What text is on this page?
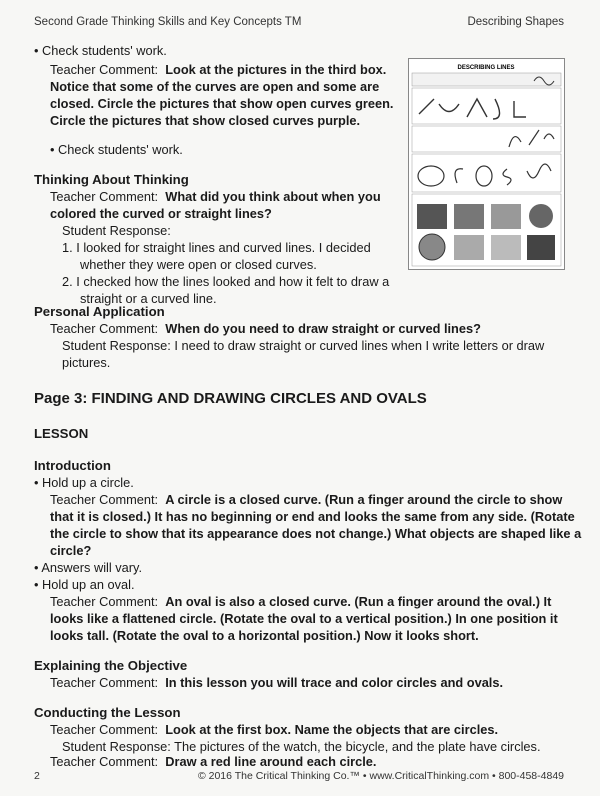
Second Grade Thinking Skills and Key Concepts TM	Describing Shapes
• Check students' work.
Teacher Comment: Look at the pictures in the third box.
Notice that some of the curves are open and some are
closed. Circle the pictures that show open curves green.
Circle the pictures that show closed curves purple.
• Check students' work.
Thinking About Thinking
Teacher Comment: What did you think about when you
colored the curved or straight lines?
Student Response:
1. I looked for straight lines and curved lines. I decided
whether they were open or closed curves.
2. I checked how the lines looked and how it felt to draw a
straight or a curved line.
Personal Application
Teacher Comment: When do you need to draw straight or curved lines?
Student Response: I need to draw straight or curved lines when I write letters or draw
pictures.
Page 3: FINDING AND DRAWING CIRCLES AND OVALS
LESSON
Introduction
• Hold up a circle.
Teacher Comment: A circle is a closed curve. (Run a finger around the circle to show
that it is closed.) It has no beginning or end and looks the same from any side. (Rotate
the circle to show that its appearance does not change.) What objects are shaped like a
circle?
• Answers will vary.
• Hold up an oval.
Teacher Comment: An oval is also a closed curve. (Run a finger around the oval.) It
looks like a flattened circle. (Rotate the oval to a vertical position.) In one position it
looks tall. (Rotate the oval to a horizontal position.) Now it looks short.
Explaining the Objective
Teacher Comment: In this lesson you will trace and color circles and ovals.
Conducting the Lesson
Teacher Comment: Look at the first box. Name the objects that are circles.
Student Response: The pictures of the watch, the bicycle, and the plate have circles.
DESCRIBING LINES
2	© 2016 The Critical Thinking Co.™ • www.CriticalThinking.com • 800-458-4849
Teacher Comment: Draw a red line around each circle.
